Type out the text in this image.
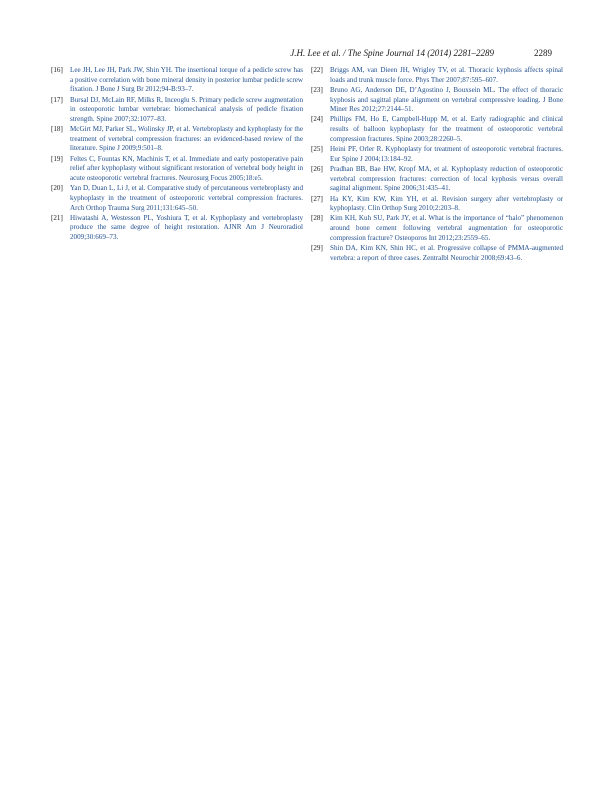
J.H. Lee et al. / The Spine Journal 14 (2014) 2281–2289	2289
[16] Lee JH, Lee JH, Park JW, Shin YH. The insertional torque of a pedicle screw has a positive correlation with bone mineral density in posterior lumbar pedicle screw fixation. J Bone J Surg Br 2012;94-B:93–7.
[17] Bursal DJ, McLain RF, Milks R, Inceoglu S. Primary pedicle screw augmentation in osteoporotic lumbar vertebrae: biomechanical analysis of pedicle fixation strength. Spine 2007;32:1077–83.
[18] McGirt MJ, Parker SL, Wolinsky JP, et al. Vertebroplasty and kyphoplasty for the treatment of vertebral compression fractures: an evidenced-based review of the literature. Spine J 2009;9:501–8.
[19] Feltes C, Fountas KN, Machinis T, et al. Immediate and early postoperative pain relief after kyphoplasty without significant restoration of vertebral body height in acute osteoporotic vertebral fractures. Neurosurg Focus 2005;18:e5.
[20] Yan D, Duan L, Li J, et al. Comparative study of percutaneous vertebroplasty and kyphoplasty in the treatment of osteoporotic vertebral compression fractures. Arch Orthop Trauma Surg 2011;131:645–50.
[21] Hiwatashi A, Westesson PL, Yoshiura T, et al. Kyphoplasty and vertebroplasty produce the same degree of height restoration. AJNR Am J Neuroradiol 2009;30:669–73.
[22] Briggs AM, van Dieen JH, Wrigley TV, et al. Thoracic kyphosis affects spinal loads and trunk muscle force. Phys Ther 2007;87:595–607.
[23] Bruno AG, Anderson DE, D’Agostino J, Bouxsein ML. The effect of thoracic kyphosis and sagittal plane alignment on vertebral compressive loading. J Bone Miner Res 2012;27:2144–51.
[24] Phillips FM, Ho E, Campbell-Hupp M, et al. Early radiographic and clinical results of balloon kyphoplasty for the treatment of osteoporotic vertebral compression fractures. Spine 2003;28:2260–5.
[25] Heini PF, Orler R. Kyphoplasty for treatment of osteoporotic vertebral fractures. Eur Spine J 2004;13:184–92.
[26] Pradhan BB, Bae HW, Kropf MA, et al. Kyphoplasty reduction of osteoporotic vertebral compression fractures: correction of local kyphosis versus overall sagittal alignment. Spine 2006;31:435–41.
[27] Ha KY, Kim KW, Kim YH, et al. Revision surgery after vertebroplasty or kyphoplasty. Clin Orthop Surg 2010;2:203–8.
[28] Kim KH, Kuh SU, Park JY, et al. What is the importance of “halo” phenomenon around bone cement following vertebral augmentation for osteoporotic compression fracture? Osteoporos Int 2012;23:2559–65.
[29] Shin DA, Kim KN, Shin HC, et al. Progressive collapse of PMMA-augmented vertebra: a report of three cases. Zentralbl Neurochir 2008;69:43–6.
